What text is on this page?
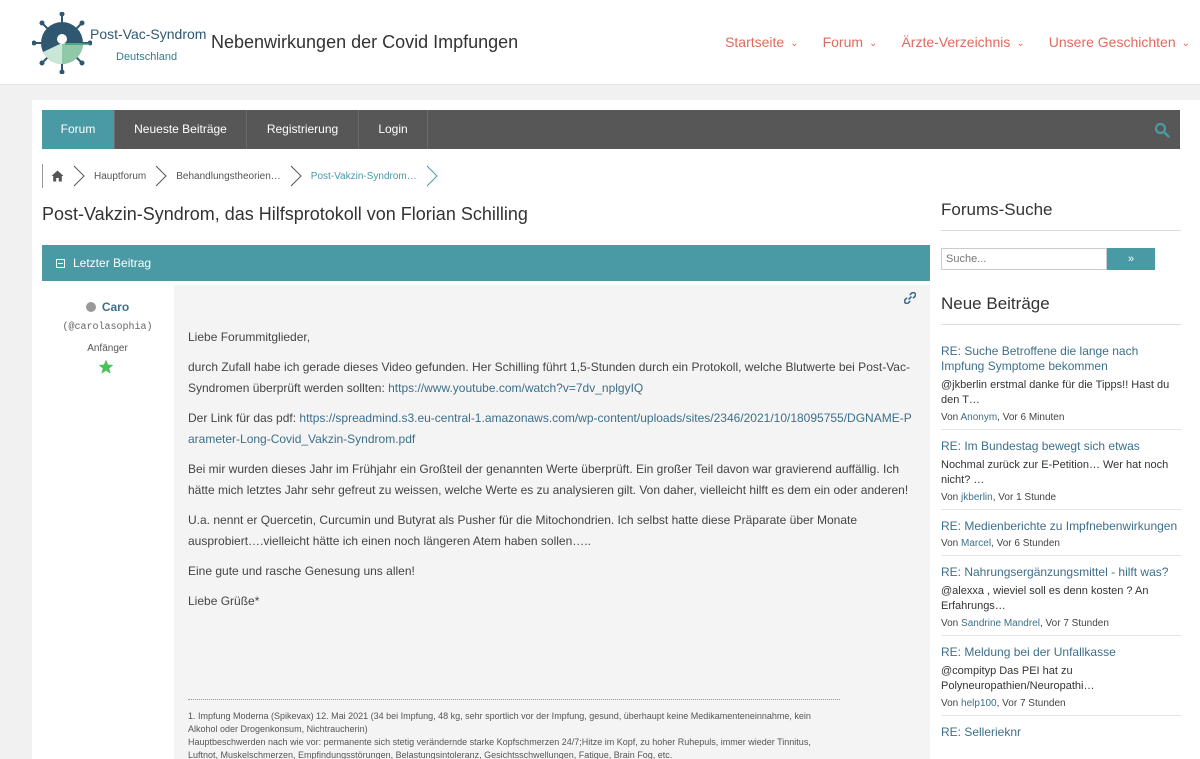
Post-Vac-Syndrom
Deutschland
Nebenwirkungen der Covid Impfungen	Startseite ⌄ Forum ⌄ Ärzte-Verzeichnis ⌄ Unsere Geschichten ⌄
Forum	Neueste Beiträge	Registrierung	Login
Hauptforum	Behandlungstheorien…	Post-Vakzin-Syndrom…
Post-Vakzin-Syndrom, das Hilfsprotokoll von Florian Schilling
Letzter Beitrag
Caro
(@carolasophia)
Anfänger

Liebe Forummitglieder,

durch Zufall habe ich gerade dieses Video gefunden. Her Schilling führt 1,5-Stunden durch ein Protokoll, welche Blutwerte bei Post-Vac-Syndromen überprüft werden sollten: https://www.youtube.com/watch?v=7dv_nplgyIQ

Der Link für das pdf: https://spreadmind.s3.eu-central-1.amazonaws.com/wp-content/uploads/sites/2346/2021/10/18095755/DGNAME-Parameter-Long-Covid_Vakzin-Syndrom.pdf

Bei mir wurden dieses Jahr im Frühjahr ein Großteil der genannten Werte überprüft. Ein großer Teil davon war gravierend auffällig. Ich hätte mich letztes Jahr sehr gefreut zu weissen, welche Werte es zu analysieren gilt. Von daher, vielleicht hilft es dem ein oder anderen!

U.a. nennt er Quercetin, Curcumin und Butyrat als Pusher für die Mitochondrien. Ich selbst hatte diese Präparate über Monate ausprobiert….vielleicht hätte ich einen noch längeren Atem haben sollen…..

Eine gute und rasche Genesung uns allen!

Liebe Grüße*

1. Impfung Moderna (Spikevax) 12. Mai 2021 (34 bei Impfung, 48 kg, sehr sportlich vor der Impfung, gesund, überhaupt keine Medikamenteneinnahme, kein Alkohol oder Drogenkonsum, Nichtraucherin)
Hauptbeschwerden nach wie vor: permanente sich stetig verändernde starke Kopfschmerzen 24/7;Hitze im Kopf, zu hoher Ruhepuls, immer wieder Tinnitus, Luftnot, Muskelschmerzen, Empfindungsstörungen, Belastungsintoleranz, Gesichtsschwellungen, Fatigue, Brain Fog, etc.
Forums-Suche
Suche...
»
Neue Beiträge
RE: Suche Betroffene die lange nach Impfung Symptome bekommen
@jkberlin erstmal danke für die Tipps!! Hast du den T…
Von Anonym, Vor 6 Minuten
RE: Im Bundestag bewegt sich etwas
Nochmal zurück zur E-Petition… Wer hat noch nicht? …
Von jkberlin, Vor 1 Stunde
RE: Medienberichte zu Impfnebenwirkungen
Von Marcel, Vor 6 Stunden
RE: Nahrungsergänzungsmittel - hilft was?
@alexxa , wieviel soll es denn kosten ? An Erfahrungs…
Von Sandrine Mandrel, Vor 7 Stunden
RE: Meldung bei der Unfallkasse
@compityp Das PEI hat zu Polyneuropathien/Neuropathi…
Von help100, Vor 7 Stunden
RE: Sellerieknr
